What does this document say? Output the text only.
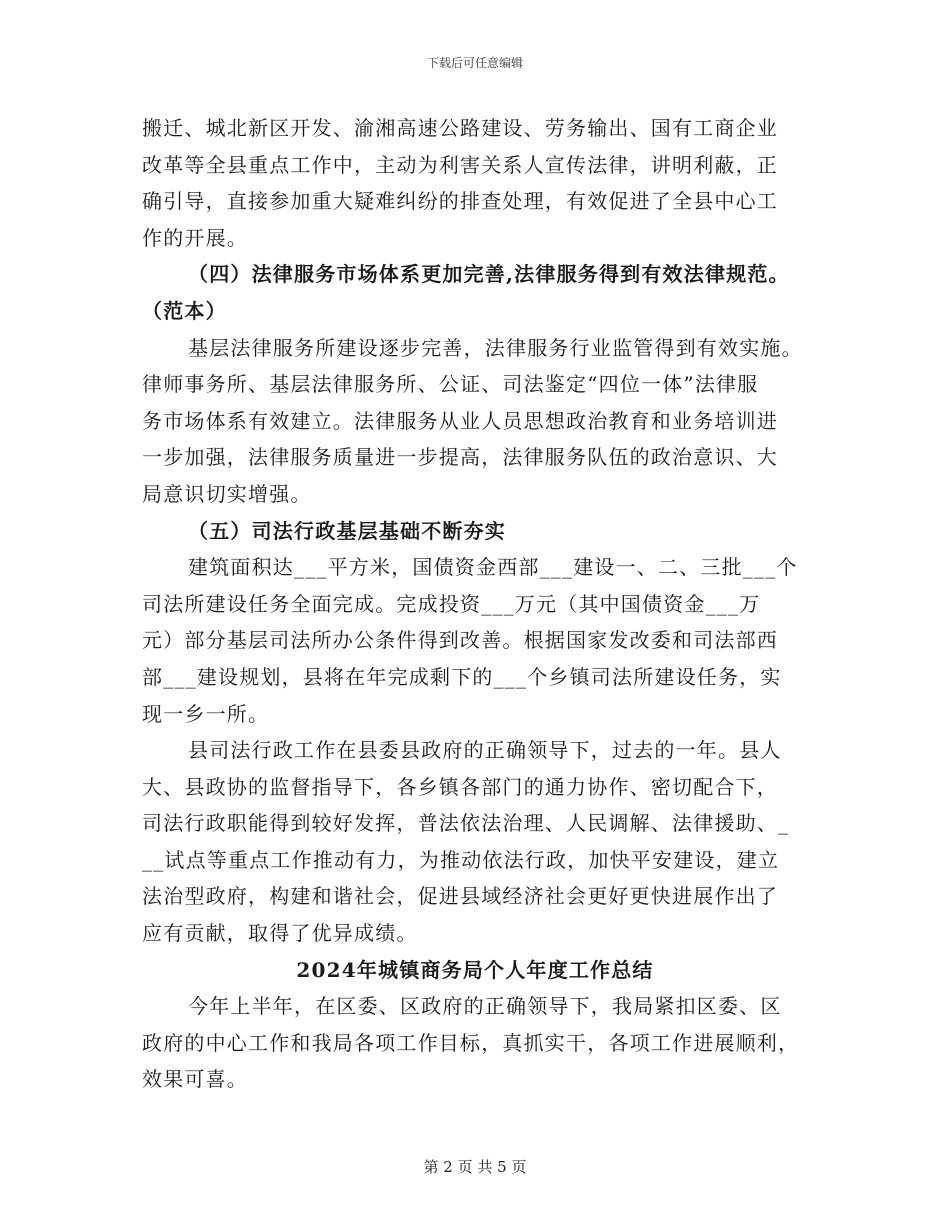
下载后可任意编辑
搬迁、城北新区开发、渝湘高速公路建设、劳务输出、国有工商企业
改革等全县重点工作中，主动为利害关系人宣传法律，讲明利蔽，正
确引导，直接参加重大疑难纠纷的排查处理，有效促进了全县中心工
作的开展。
（四）法律服务市场体系更加完善,法律服务得到有效法律规范。
（范本）
基层法律服务所建设逐步完善，法律服务行业监管得到有效实施。
律师事务所、基层法律服务所、公证、司法鉴定“四位一体”法律服
务市场体系有效建立。法律服务从业人员思想政治教育和业务培训进
一步加强，法律服务质量进一步提高，法律服务队伍的政治意识、大
局意识切实增强。
（五）司法行政基层基础不断夯实
建筑面积达___平方米，国债资金西部___建设一、二、三批___个
司法所建设任务全面完成。完成投资___万元（其中国债资金___万
元）部分基层司法所办公条件得到改善。根据国家发改委和司法部西
部___建设规划，县将在年完成剩下的___个乡镇司法所建设任务，实
现一乡一所。
县司法行政工作在县委县政府的正确领导下，过去的一年。县人
大、县政协的监督指导下，各乡镇各部门的通力协作、密切配合下，
司法行政职能得到较好发挥，普法依法治理、人民调解、法律援助、_
__试点等重点工作推动有力，为推动依法行政，加快平安建设，建立
法治型政府，构建和谐社会，促进县域经济社会更好更快进展作出了
应有贡献，取得了优异成绩。
2024年城镇商务局个人年度工作总结
今年上半年，在区委、区政府的正确领导下，我局紧扣区委、区
政府的中心工作和我局各项工作目标，真抓实干，各项工作进展顺利，
效果可喜。
第 2 页 共 5 页
